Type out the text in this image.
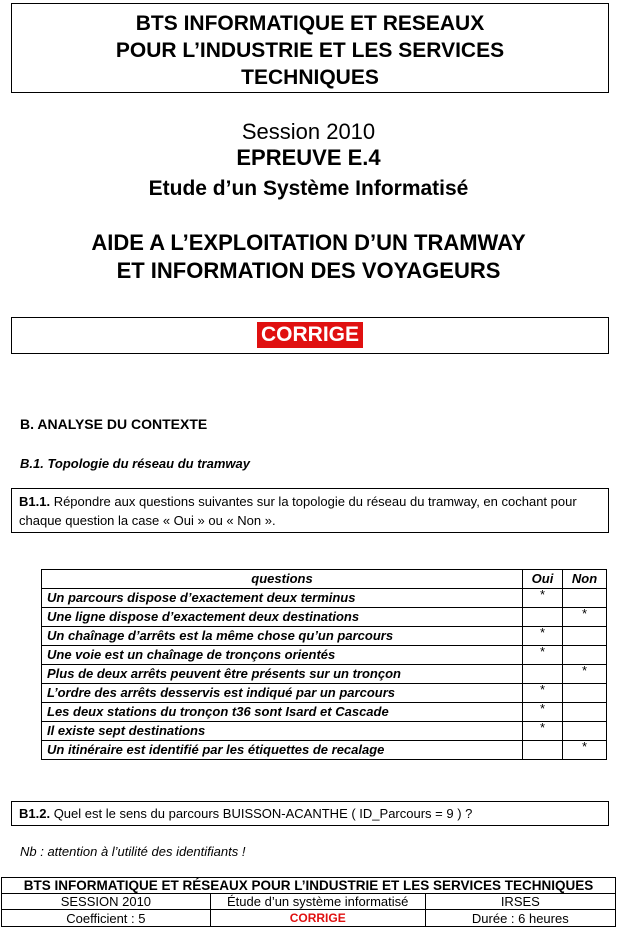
BTS INFORMATIQUE ET RESEAUX
POUR L’INDUSTRIE ET LES SERVICES
TECHNIQUES
Session 2010
EPREUVE E.4
Etude d’un Système Informatisé
AIDE A L’EXPLOITATION D’UN TRAMWAY
ET INFORMATION DES VOYAGEURS
CORRIGE
B. ANALYSE DU CONTEXTE
B.1. Topologie du réseau du tramway
B1.1. Répondre aux questions suivantes sur la topologie du réseau du tramway, en cochant pour chaque question la case « Oui » ou « Non ».
questions	Oui	Non
Un parcours dispose d’exactement deux terminus	*	
Une ligne dispose d’exactement deux destinations		*
Un chaînage d’arrêts est la même chose qu’un parcours	*	
Une voie est un chaînage de tronçons orientés	*	
Plus de deux arrêts peuvent être présents sur un tronçon		*
L’ordre des arrêts desservis est indiqué par un parcours	*	
Les deux stations du tronçon t36 sont Isard et Cascade	*	
Il existe sept destinations	*	
Un itinéraire est identifié par les étiquettes de recalage		*
B1.2. Quel est le sens du parcours BUISSON-ACANTHE ( ID_Parcours = 9 ) ?
Nb : attention à l’utilité des identifiants !
BTS INFORMATIQUE ET RÉSEAUX POUR L’INDUSTRIE ET LES SERVICES TECHNIQUES		
SESSION 2010	Étude d’un système informatisé	IRSES
Coefficient : 5	CORRIGE	Durée : 6 heures
